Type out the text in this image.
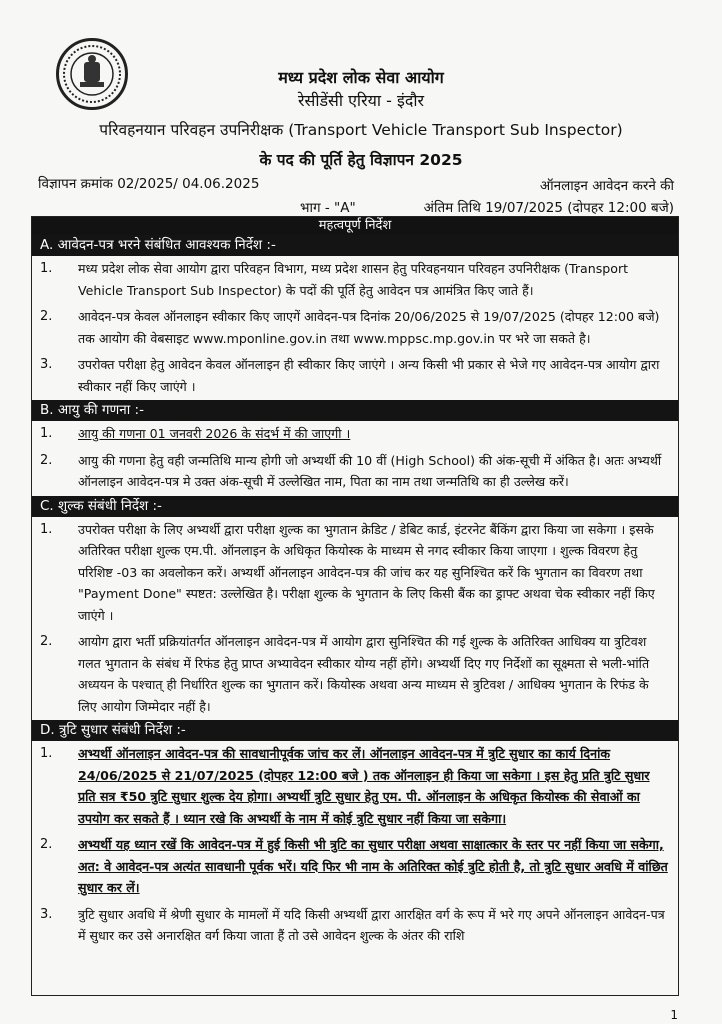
मध्य प्रदेश लोक सेवा आयोग
रेसीडेंसी एरिया - इंदौर
परिवहनयान परिवहन उपनिरीक्षक (Transport Vehicle Transport Sub Inspector)
के पद की पूर्ति हेतु विज्ञापन 2025
विज्ञापन क्रमांक 02/2025/ 04.06.2025	ऑनलाइन आवेदन करने की
भाग - "A"	अंतिम तिथि 19/07/2025 (दोपहर 12:00 बजे)
महत्वपूर्ण निर्देश
A. आवेदन-पत्र भरने संबंधित आवश्यक निर्देश :-
1.	मध्य प्रदेश लोक सेवा आयोग द्वारा परिवहन विभाग, मध्य प्रदेश शासन हेतु परिवहनयान परिवहन उपनिरीक्षक (Transport Vehicle Transport Sub Inspector) के पदों की पूर्ति हेतु आवेदन पत्र आमंत्रित किए जाते हैं।
2.	आवेदन-पत्र केवल ऑनलाइन स्वीकार किए जाएगें आवेदन-पत्र दिनांक 20/06/2025 से 19/07/2025 (दोपहर 12:00 बजे) तक आयोग की वेबसाइट www.mponline.gov.in तथा www.mppsc.mp.gov.in पर भरे जा सकते है।
3.	उपरोक्त परीक्षा हेतु आवेदन केवल ऑनलाइन ही स्वीकार किए जाएंगे । अन्य किसी भी प्रकार से भेजे गए आवेदन-पत्र आयोग द्वारा स्वीकार नहीं किए जाएंगे ।
B. आयु की गणना :-
1.	आयु की गणना 01 जनवरी 2026 के संदर्भ में की जाएगी ।
2.	आयु की गणना हेतु वही जन्मतिथि मान्य होगी जो अभ्यर्थी की 10 वीं (High School) की अंक-सूची में अंकित है। अतः अभ्यर्थी ऑनलाइन आवेदन-पत्र मे उक्त अंक-सूची में उल्लेखित नाम, पिता का नाम तथा जन्मतिथि का ही उल्लेख करें।
C. शुल्क संबंधी निर्देश :-
1.	उपरोक्त परीक्षा के लिए अभ्यर्थी द्वारा परीक्षा शुल्क का भुगतान क्रेडिट / डेबिट कार्ड, इंटरनेट बैंकिंग द्वारा किया जा सकेगा । इसके अतिरिक्त परीक्षा शुल्क एम.पी. ऑनलाइन के अधिकृत कियोस्क के माध्यम से नगद स्वीकार किया जाएगा । शुल्क विवरण हेतु परिशिष्ट -03 का अवलोकन करें। अभ्यर्थी ऑनलाइन आवेदन-पत्र की जांच कर यह सुनिश्चित करें कि भुगतान का विवरण तथा "Payment Done" स्पष्टत: उल्लेखित है। परीक्षा शुल्क के भुगतान के लिए किसी बैंक का ड्राफ्ट अथवा चेक स्वीकार नहीं किए जाएंगे ।
2.	आयोग द्वारा भर्ती प्रक्रियांतर्गत ऑनलाइन आवेदन-पत्र में आयोग द्वारा सुनिश्चित की गई शुल्क के अतिरिक्त आधिक्य या त्रुटिवश गलत भुगतान के संबंध में रिफंड हेतु प्राप्त अभ्यावेदन स्वीकार योग्य नहीं होंगे। अभ्यर्थी दिए गए निर्देशों का सूक्ष्मता से भली-भांति अध्ययन के पश्चात् ही निर्धारित शुल्क का भुगतान करें। कियोस्क अथवा अन्य माध्यम से त्रुटिवश / आधिक्य भुगतान के रिफंड के लिए आयोग जिम्मेदार नहीं है।
D. त्रुटि सुधार संबंधी निर्देश :-
1.	अभ्यर्थी ऑनलाइन आवेदन-पत्र की सावधानीपूर्वक जांच कर लें। ऑनलाइन आवेदन-पत्र में त्रुटि सुधार का कार्य दिनांक 24/06/2025 से 21/07/2025 (दोपहर 12:00 बजे ) तक ऑनलाइन ही किया जा सकेगा । इस हेतु प्रति त्रुटि सुधार प्रति सत्र ₹50 त्रुटि सुधार शुल्क देय होगा। अभ्यर्थी त्रुटि सुधार हेतु एम. पी. ऑनलाइन के अधिकृत कियोस्क की सेवाओं का उपयोग कर सकते हैं । ध्यान रखे कि अभ्यर्थी के नाम में कोई त्रुटि सुधार नहीं किया जा सकेगा।
2.	अभ्यर्थी यह ध्यान रखें कि आवेदन-पत्र में हुई किसी भी त्रुटि का सुधार परीक्षा अथवा साक्षात्कार के स्तर पर नहीं किया जा सकेगा, अत: वे आवेदन-पत्र अत्यंत सावधानी पूर्वक भरें। यदि फिर भी नाम के अतिरिक्त कोई त्रुटि होती है, तो त्रुटि सुधार अवधि में वांछित सुधार कर लें।
3.	त्रुटि सुधार अवधि में श्रेणी सुधार के मामलों में यदि किसी अभ्यर्थी द्वारा आरक्षित वर्ग के रूप में भरे गए अपने ऑनलाइन आवेदन-पत्र में सुधार कर उसे अनारक्षित वर्ग किया जाता हैं तो उसे आवेदन शुल्क के अंतर की राशि
1
